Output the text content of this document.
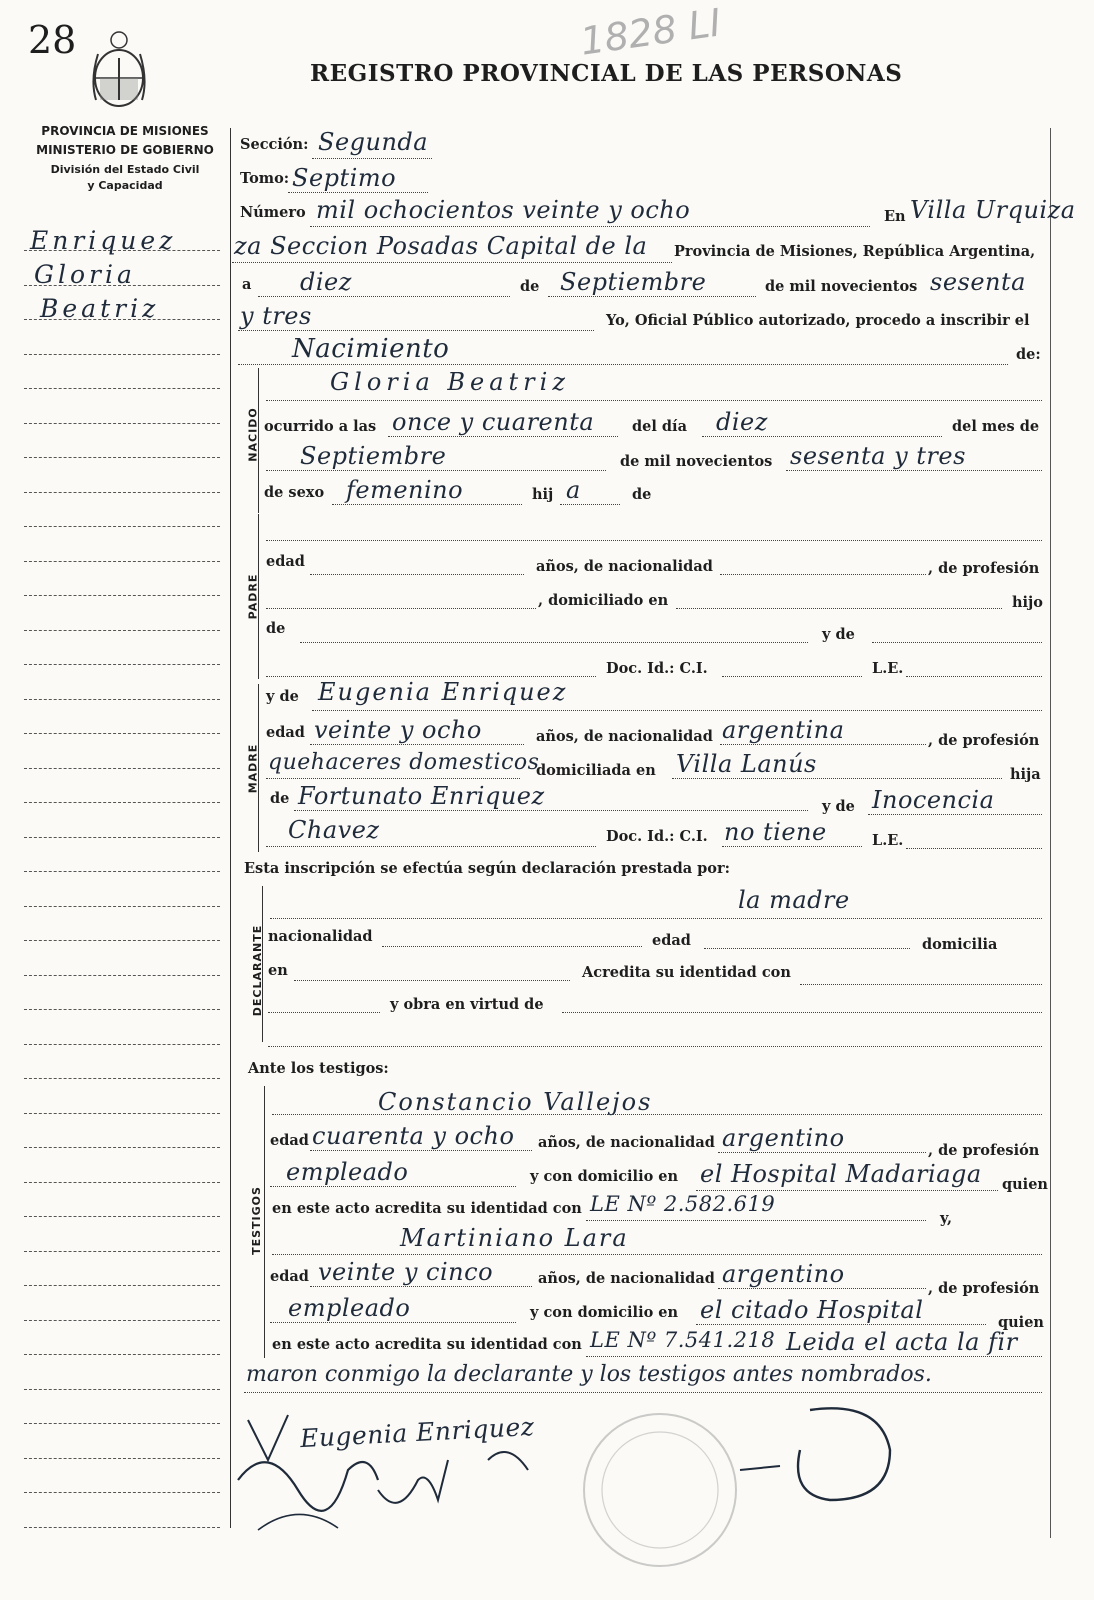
28
REGISTRO PROVINCIAL DE LAS PERSONAS
1828 LI
PROVINCIA DE MISIONES
MINISTERIO DE GOBIERNO
División del Estado Civil
y Capacidad
Enriquez
Gloria
Beatriz
Sección: Segunda
Tomo: Septimo
Número mil ochocientos veinte y ocho	En Villa Urquiza
za Seccion Posadas Capital de la Provincia de Misiones, República Argentina,
a diez	de Septiembre	de mil novecientos sesenta
y tres	Yo, Oficial Público autorizado, procedo a inscribir el
Nacimiento	de:
NACIDO
Gloria Beatriz
ocurrido a las once y cuarenta	del día diez	del mes de
Septiembre	de mil novecientos sesenta y tres
de sexo femenino	hij a	de
PADRE
edad	años, de nacionalidad	, de profesión
, domiciliado en	hijo
de	y de
Doc. Id.: C.I.	L.E.
MADRE
y de Eugenia Enriquez
edad veinte y ocho	años, de nacionalidad argentina	, de profesión
quehaceres domesticos
domiciliada en Villa Lanús	hija
de Fortunato Enriquez	y de Inocencia
Chavez	Doc. Id.: C.I. no tiene	L.E.
Esta inscripción se efectúa según declaración prestada por:
DECLARANTE
la madre
nacionalidad	edad	domicilia
en	Acredita su identidad con
y obra en virtud de
Ante los testigos:
TESTIGOS
Constancio Vallejos
edad cuarenta y ocho años, de nacionalidad argentino	, de profesión
empleado	y con domicilio en el Hospital Madariaga quien
en este acto acredita su identidad con LE Nº 2.582.619
y,
Martiniano Lara
edad veinte y cinco	años, de nacionalidad argentino
, de profesión
empleado	y con domicilio en el citado Hospital	quien
en este acto acredita su identidad con LE Nº 7.541.218 Leida el acta la fir
maron conmigo la declarante y los testigos antes nombrados.
Eugenia Enriquez
